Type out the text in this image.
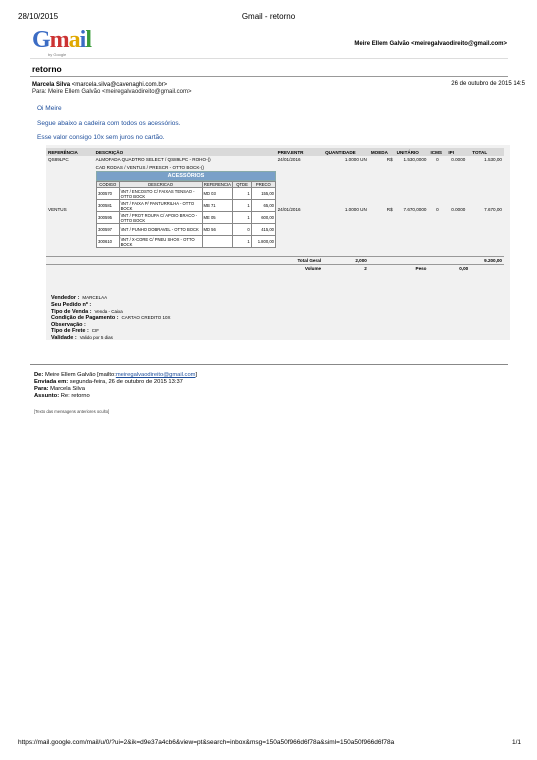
28/10/2015	Gmail - retorno
Gmail
by Google
Meire Ellem Galvão <meiregalvaodireito@gmail.com>
retorno
Marcela Silva <marcela.silva@cavenaghi.com.br>
Para: Meire Ellem Galvão <meiregalvaodireito@gmail.com>
26 de outubro de 2015 14:5
Oi Meire
Segue abaixo a cadeira com todos os acessórios.
Esse valor consigo 10x sem juros no cartão.
REFERÊNCIA	DESCRIÇÃO	PREV.ENTR	QUANTIDADE	MOEDA	UNITÁRIO	ICMS	IPI	TOTAL
QS89LPC	ALMOFADA QUADTRO SELECT / QS89LPC - ROHO-()	24/01/2016	1.0000 UN	R$	1.530,0000	0	0.0000	1.530,00
VENTUS	CAD RODAS / VENTUS / PRESCR - OTTO BOCK-()	24/01/2016	1.0000 UN	R$	7.670,0000	0	0.0000	7.670,00
		Total Geral	2,000					9.200,00
		Volume	2	Peso		0,00		
ACESSÓRIOS
CODIGO	DESCRICAO	REFERENCIA	QTDE	PRECO
300570	\INT / ENCOSTO C/ FAIXAS TENSAO - OTTO BOCK	MD 03	1	155,00
300581	\INT / FAIXA P/ PANTURRILHA - OTTO BOCK	MB 71	1	65,00
300595	\INT / PROT ROUPA C/ APOIO BRACO - OTTO BOCK	ME 05	1	600,00
300597	\INT / PUNHO DOBRAVEL - OTTO BOCK	MD 56	0	415,00
300610	\INT / X-CORE C/ PNEU SHOX - OTTO BOCK		1	1.800,00
Vendedor : MARCELAA
Seu Pedido nº :
Tipo de Venda : Venda - Caixa
Condição de Pagamento : CARTAO CREDITO 10X
Observação :
Tipo de Frete : CIF
Validade : Valido por 5 dias
De: Meire Ellem Galvão [mailto:meiregalvaodireito@gmail.com]
Enviada em: segunda-feira, 26 de outubro de 2015 13:37
Para: Marcela Silva
Assunto: Re: retorno
[Texto das mensagens anteriores oculto]
https://mail.google.com/mail/u/0/?ui=2&ik=d9e37a4cb6&view=pt&search=inbox&msg=150a50f966d6f78a&siml=150a50f966d6f78a	1/1
